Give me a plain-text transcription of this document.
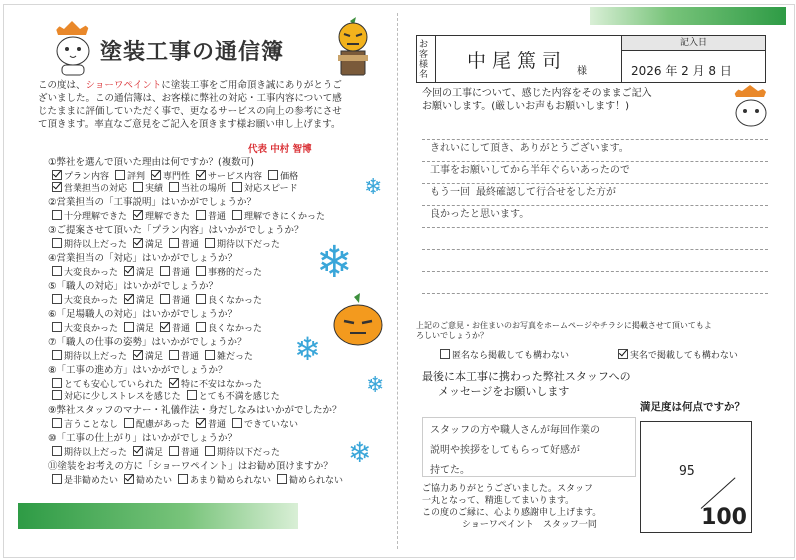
塗装工事の通信簿
この度は、ショーワペイントに塗装工事をご用命頂き誠にありがとうご
ざいました。この通信簿は、お客様に弊社の対応・工事内容について感
じたままに評価していただく事で、更なるサービスの向上の参考にさせ
て頂きます。率直なご意見をご記入を頂きます様お願い申し上げます。
代表 中村 智博
①弊社を選んで頂いた理由は何ですか？(複数可)
プラン内容 評判 専門性 サービス内容 価格
営業担当の対応 実績 当社の場所 対応スピード
②営業担当の「工事説明」はいかがでしょうか？
十分理解できた 理解できた 普通 理解できにくかった
③ご提案させて頂いた「プラン内容」はいかがでしょうか？
期待以上だった 満足 普通 期待以下だった
④営業担当の「対応」はいかがでしょうか？
大変良かった 満足 普通 事務的だった
⑤「職人の対応」はいかがでしょうか？
大変良かった 満足 普通 良くなかった
⑥「足場職人の対応」はいかがでしょうか？
大変良かった 満足 普通 良くなかった
⑦「職人の仕事の姿勢」はいかがでしょうか？
期待以上だった 満足 普通 雑だった
⑧「工事の進め方」はいかがでしょうか？
とても安心していられた 特に不安はなかった
対応に少しストレスを感じた とても不満を感じた
⑨弊社スタッフのマナー・礼儀作法・身だしなみはいかがでしたか？
言うことなし 配慮があった 普通 できていない
⑩「工事の仕上がり」はいかがでしょうか？
期待以上だった 満足 普通 期待以下だった
⑪塗装をお考えの方に「ショーワペイント」はお勧め頂けますか？
是非勧めたい 勧めたい あまり勧められない 勧められない
❄
❄
❄
❄
❄
お客様名
中尾篤司 様
記入日
2026 年 2 月 8 日
今回の工事について、感じた内容をそのままご記入
お願いします。(厳しいお声もお願いします！)
きれいにして頂き、ありがとうございます。
工事をお願いしてから半年ぐらいあったので
もう一回 最終確認して行合せをした方が
良かったと思います。
上記のご意見・お住まいのお写真をホームページやチラシに掲載させて頂いてもよ
ろしいでしょうか？
匿名なら掲載しても構わない	実名で掲載しても構わない
最後に本工事に携わった弊社スタッフへの
メッセージをお願いします
満足度は何点ですか？
スタッフの方や職人さんが毎回作業の
説明や挨拶をしてもらって好感が
持てた。	95
100
ご協力ありがとうございました。スタッフ
一丸となって、精進してまいります。
この度のご縁に、心より感謝申し上げます。
ショーワペイント　スタッフ一同
